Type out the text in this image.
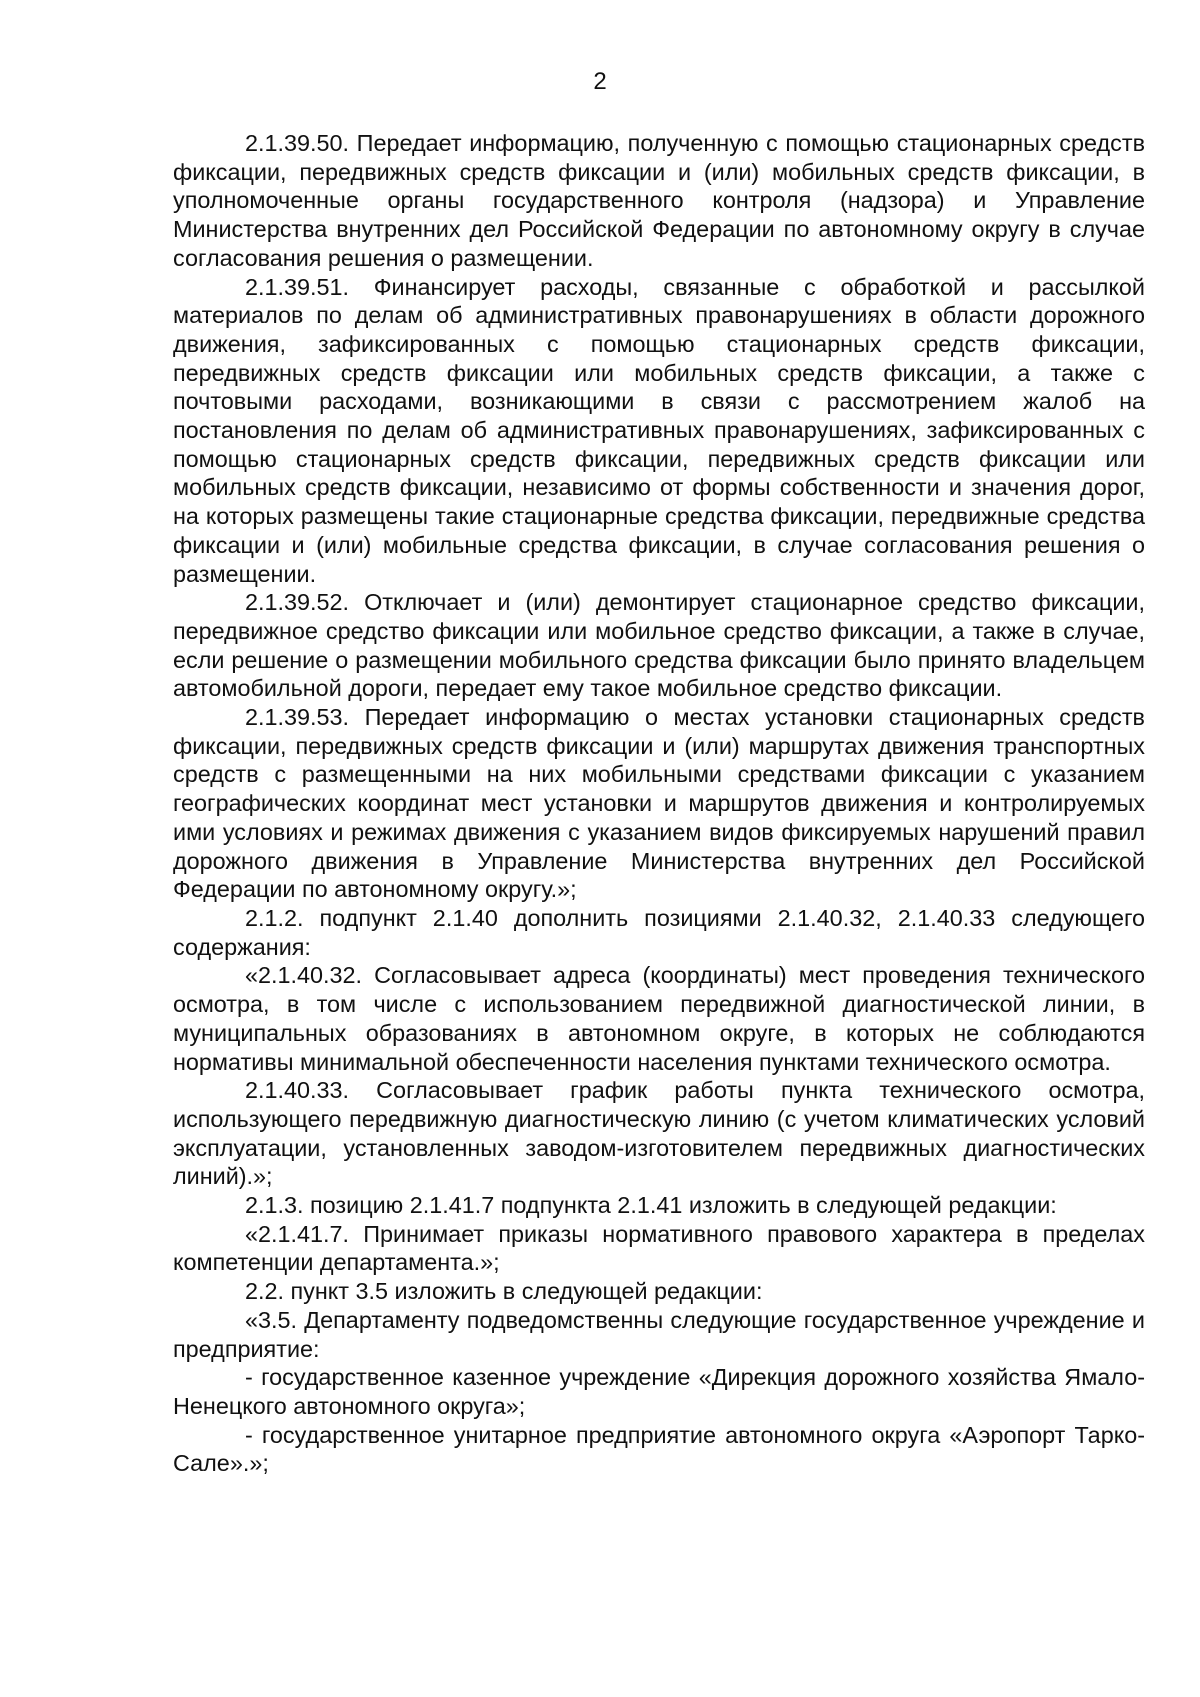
2

2.1.39.50. Передает информацию, полученную с помощью стационарных средств фиксации, передвижных средств фиксации и (или) мобильных средств фиксации, в уполномоченные органы государственного контроля (надзора) и Управление Министерства внутренних дел Российской Федерации по автономному округу в случае согласования решения о размещении.

2.1.39.51. Финансирует расходы, связанные с обработкой и рассылкой материалов по делам об административных правонарушениях в области дорожного движения, зафиксированных с помощью стационарных средств фиксации, передвижных средств фиксации или мобильных средств фиксации, а также с почтовыми расходами, возникающими в связи с рассмотрением жалоб на постановления по делам об административных правонарушениях, зафиксированных с помощью стационарных средств фиксации, передвижных средств фиксации или мобильных средств фиксации, независимо от формы собственности и значения дорог, на которых размещены такие стационарные средства фиксации, передвижные средства фиксации и (или) мобильные средства фиксации, в случае согласования решения о размещении.

2.1.39.52. Отключает и (или) демонтирует стационарное средство фиксации, передвижное средство фиксации или мобильное средство фиксации, а также в случае, если решение о размещении мобильного средства фиксации было принято владельцем автомобильной дороги, передает ему такое мобильное средство фиксации.

2.1.39.53. Передает информацию о местах установки стационарных средств фиксации, передвижных средств фиксации и (или) маршрутах движения транспортных средств с размещенными на них мобильными средствами фиксации с указанием географических координат мест установки и маршрутов движения и контролируемых ими условиях и режимах движения с указанием видов фиксируемых нарушений правил дорожного движения в Управление Министерства внутренних дел Российской Федерации по автономному округу.»;

2.1.2. подпункт 2.1.40 дополнить позициями 2.1.40.32, 2.1.40.33 следующего содержания:

«2.1.40.32. Согласовывает адреса (координаты) мест проведения технического осмотра, в том числе с использованием передвижной диагностической линии, в муниципальных образованиях в автономном округе, в которых не соблюдаются нормативы минимальной обеспеченности населения пунктами технического осмотра.

2.1.40.33. Согласовывает график работы пункта технического осмотра, использующего передвижную диагностическую линию (с учетом климатических условий эксплуатации, установленных заводом-изготовителем передвижных диагностических линий).»;

2.1.3. позицию 2.1.41.7 подпункта 2.1.41 изложить в следующей редакции:

«2.1.41.7. Принимает приказы нормативного правового характера в пределах компетенции департамента.»;

2.2. пункт 3.5 изложить в следующей редакции:

«3.5. Департаменту подведомственны следующие государственное учреждение и предприятие:

- государственное казенное учреждение «Дирекция дорожного хозяйства Ямало-Ненецкого автономного округа»;

- государственное унитарное предприятие автономного округа «Аэропорт Тарко-Сале».»;
